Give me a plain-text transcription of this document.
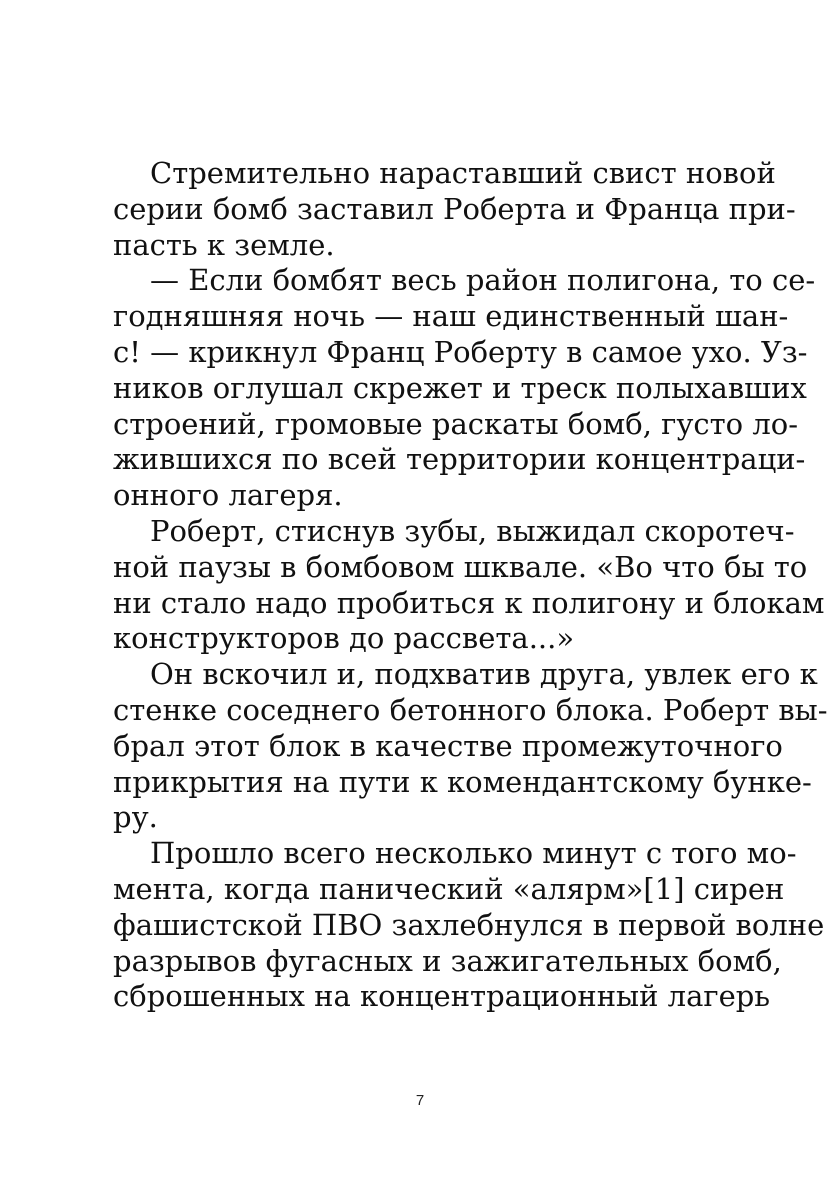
Стремительно нараставший свист новой
серии бомб заставил Роберта и Франца при-
пасть к земле.
— Если бомбят весь район полигона, то се-
годняшняя ночь — наш единственный шан-
с! — крикнул Франц Роберту в самое ухо. Уз-
ников оглушал скрежет и треск полыхавших
строений, громовые раскаты бомб, густо ло-
жившихся по всей территории концентраци-
онного лагеря.
Роберт, стиснув зубы, выжидал скоротеч-
ной паузы в бомбовом шквале. «Во что бы то
ни стало надо пробиться к полигону и блокам
конструкторов до рассвета...»
Он вскочил и, подхватив друга, увлек его к
стенке соседнего бетонного блока. Роберт вы-
брал этот блок в качестве промежуточного
прикрытия на пути к комендантскому бунке-
ру.
Прошло всего несколько минут с того мо-
мента, когда панический «алярм»[1] сирен
фашистской ПВО захлебнулся в первой волне
разрывов фугасных и зажигательных бомб,
сброшенных на концентрационный лагерь
7
